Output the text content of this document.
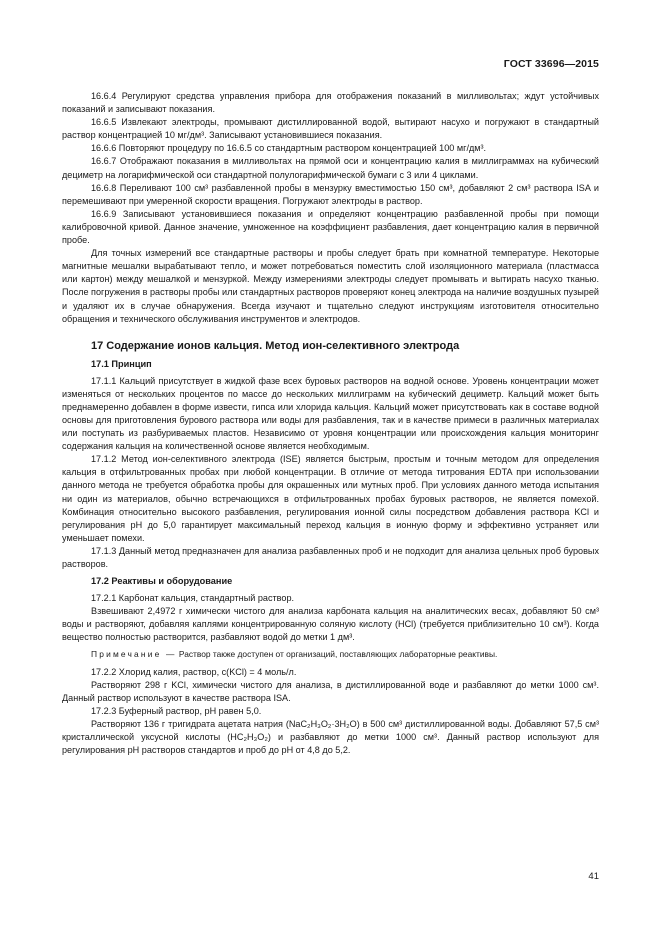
ГОСТ 33696—2015

16.6.4 Регулируют средства управления прибора для отображения показаний в милливольтах; ждут устойчивых показаний и записывают показания.

16.6.5 Извлекают электроды, промывают дистиллированной водой, вытирают насухо и погружают в стандартный раствор концентрацией 10 мг/дм³. Записывают установившиеся показания.

16.6.6 Повторяют процедуру по 16.6.5 со стандартным раствором концентрацией 100 мг/дм³.

16.6.7 Отображают показания в милливольтах на прямой оси и концентрацию калия в миллиграммах на кубический дециметр на логарифмической оси стандартной полулогарифмической бумаги с 3 или 4 циклами.

16.6.8 Переливают 100 см³ разбавленной пробы в мензурку вместимостью 150 см³, добавляют 2 см³ раствора ISA и перемешивают при умеренной скорости вращения. Погружают электроды в раствор.

16.6.9 Записывают установившиеся показания и определяют концентрацию разбавленной пробы при помощи калибровочной кривой. Данное значение, умноженное на коэффициент разбавления, дает концентрацию калия в первичной пробе.

Для точных измерений все стандартные растворы и пробы следует брать при комнатной температуре. Некоторые магнитные мешалки вырабатывают тепло, и может потребоваться поместить слой изоляционного материала (пластмасса или картон) между мешалкой и мензуркой. Между измерениями электроды следует промывать и вытирать насухо тканью. После погружения в растворы пробы или стандартных растворов проверяют конец электрода на наличие воздушных пузырей и удаляют их в случае обнаружения. Всегда изучают и тщательно следуют инструкциям изготовителя относительно обращения и технического обслуживания инструментов и электродов.

17 Содержание ионов кальция. Метод ион-селективного электрода

17.1 Принцип

17.1.1 Кальций присутствует в жидкой фазе всех буровых растворов на водной основе. Уровень концентрации может изменяться от нескольких процентов по массе до нескольких миллиграмм на кубический дециметр. Кальций может быть преднамеренно добавлен в форме извести, гипса или хлорида кальция. Кальций может присутствовать как в составе водной основы для приготовления бурового раствора или воды для разбавления, так и в качестве примеси в различных материалах или поступать из разбуриваемых пластов. Независимо от уровня концентрации или происхождения кальция мониторинг содержания кальция на количественной основе является необходимым.

17.1.2 Метод ион-селективного электрода (ISE) является быстрым, простым и точным методом для определения кальция в отфильтрованных пробах при любой концентрации. В отличие от метода титрования EDTA при использовании данного метода не требуется обработка пробы для окрашенных или мутных проб. При условиях данного метода испытания ни один из материалов, обычно встречающихся в отфильтрованных пробах буровых растворов, не является помехой. Комбинация относительно высокого разбавления, регулирования ионной силы посредством добавления раствора KCl и регулирования pH до 5,0 гарантирует максимальный переход кальция в ионную форму и эффективно устраняет или уменьшает помехи.

17.1.3 Данный метод предназначен для анализа разбавленных проб и не подходит для анализа цельных проб буровых растворов.

17.2 Реактивы и оборудование

17.2.1 Карбонат кальция, стандартный раствор.

Взвешивают 2,4972 г химически чистого для анализа карбоната кальция на аналитических весах, добавляют 50 см³ воды и растворяют, добавляя каплями концентрированную соляную кислоту (HCl) (требуется приблизительно 10 см³). Когда вещество полностью растворится, разбавляют водой до метки 1 дм³.

Примечание — Раствор также доступен от организаций, поставляющих лабораторные реактивы.

17.2.2 Хлорид калия, раствор, c(KCl) = 4 моль/л.

Растворяют 298 г KCl, химически чистого для анализа, в дистиллированной воде и разбавляют до метки 1000 см³. Данный раствор используют в качестве раствора ISA.

17.2.3 Буферный раствор, pH равен 5,0.

Растворяют 136 г тригидрата ацетата натрия (NaC₂H₃O₂·3H₂O) в 500 см³ дистиллированной воды. Добавляют 57,5 см³ кристаллической уксусной кислоты (HC₂H₃O₂) и разбавляют до метки 1000 см³. Данный раствор используют для регулирования pH растворов стандартов и проб до pH от 4,8 до 5,2.

41
